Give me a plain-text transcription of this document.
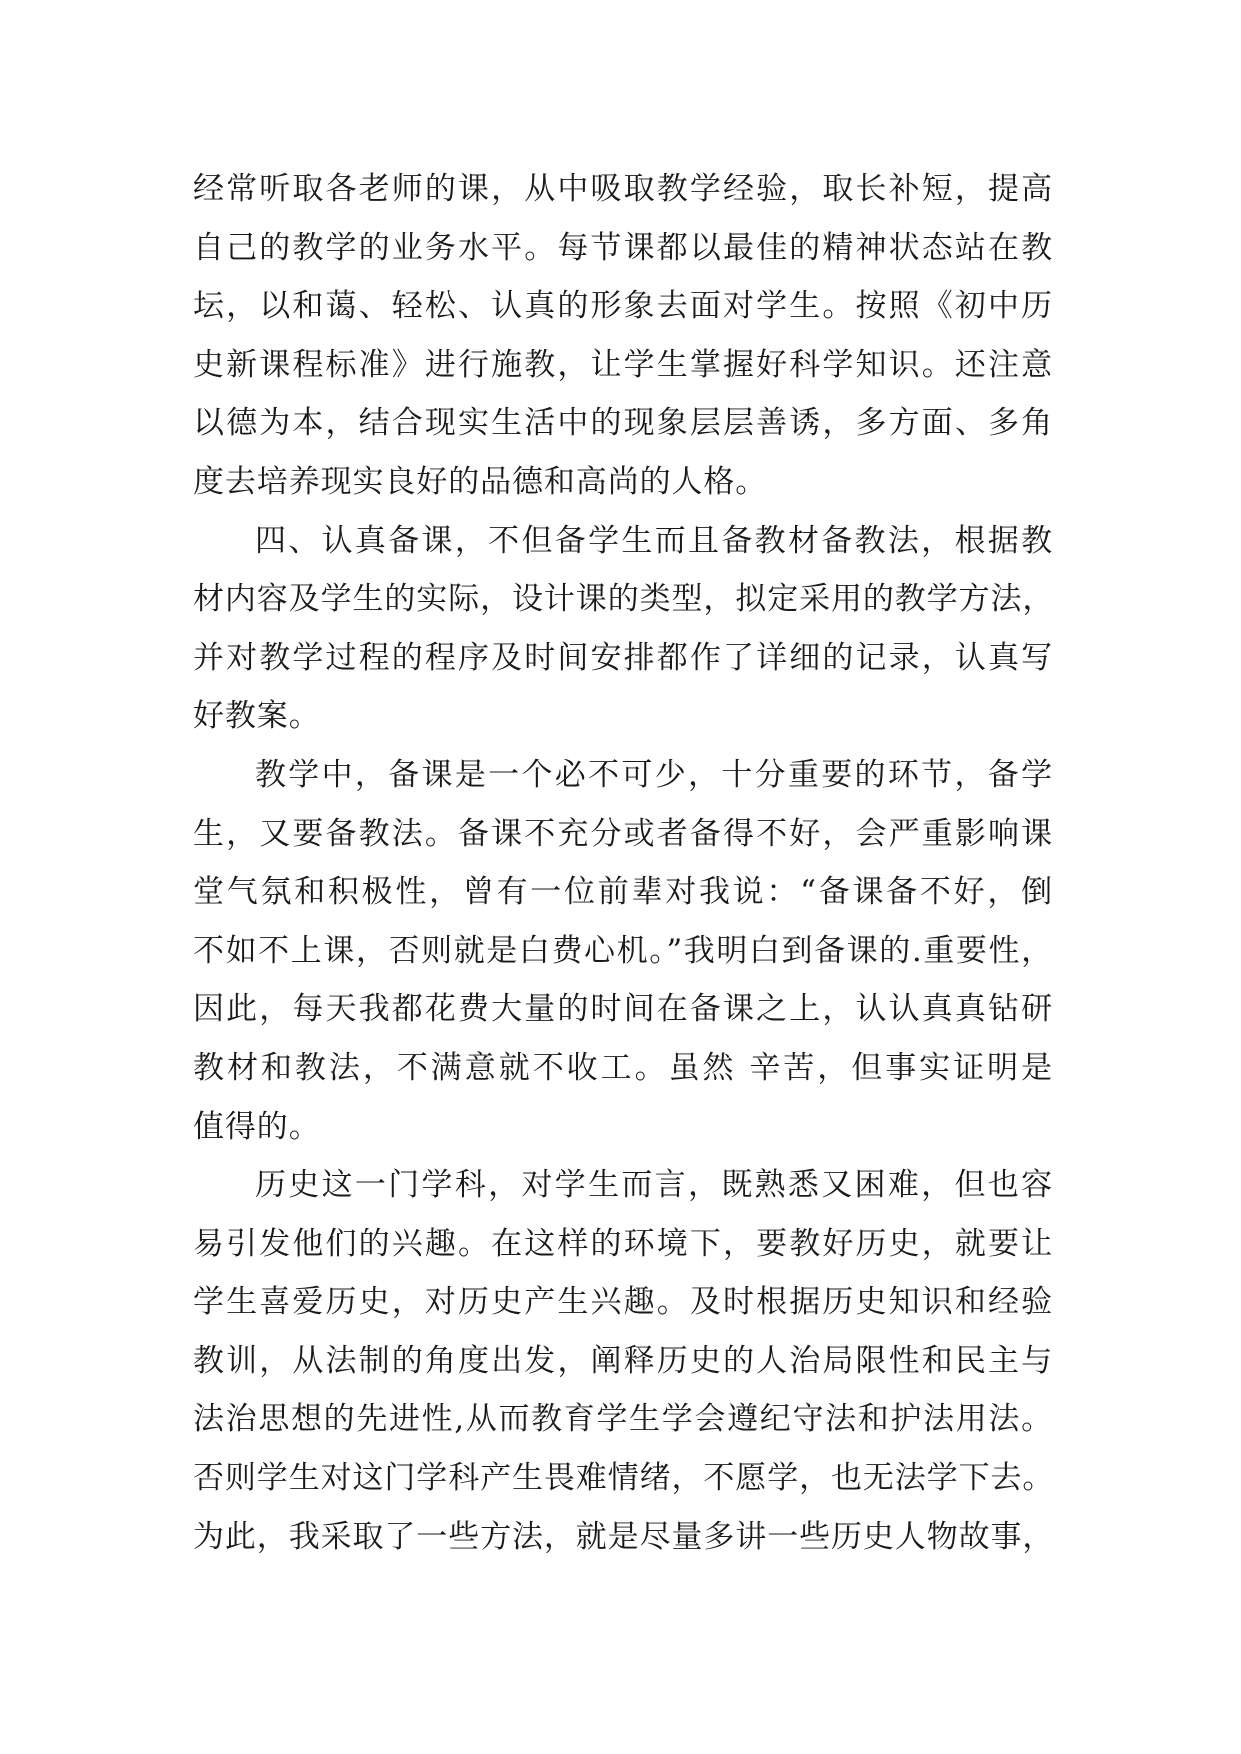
经常听取各老师的课，从中吸取教学经验，取长补短，提高
自己的教学的业务水平。每节课都以最佳的精神状态站在教
坛，以和蔼、轻松、认真的形象去面对学生。按照《初中历
史新课程标准》进行施教，让学生掌握好科学知识。还注意
以德为本，结合现实生活中的现象层层善诱，多方面、多角
度去培养现实良好的品德和高尚的人格。
四、认真备课，不但备学生而且备教材备教法，根据教
材内容及学生的实际，设计课的类型，拟定采用的教学方法，
并对教学过程的程序及时间安排都作了详细的记录，认真写
好教案。
教学中，备课是一个必不可少，十分重要的环节，备学
生，又要备教法。备课不充分或者备得不好，会严重影响课
堂气氛和积极性，曾有一位前辈对我说：“备课备不好，倒
不如不上课，否则就是白费心机。”我明白到备课的.重要性，
因此，每天我都花费大量的时间在备课之上，认认真真钻研
教材和教法，不满意就不收工。虽然 辛苦，但事实证明是
值得的。
历史这一门学科，对学生而言，既熟悉又困难，但也容
易引发他们的兴趣。在这样的环境下，要教好历史，就要让
学生喜爱历史，对历史产生兴趣。及时根据历史知识和经验
教训，从法制的角度出发，阐释历史的人治局限性和民主与
法治思想的先进性,从而教育学生学会遵纪守法和护法用法。
否则学生对这门学科产生畏难情绪，不愿学，也无法学下去。
为此，我采取了一些方法，就是尽量多讲一些历史人物故事，
